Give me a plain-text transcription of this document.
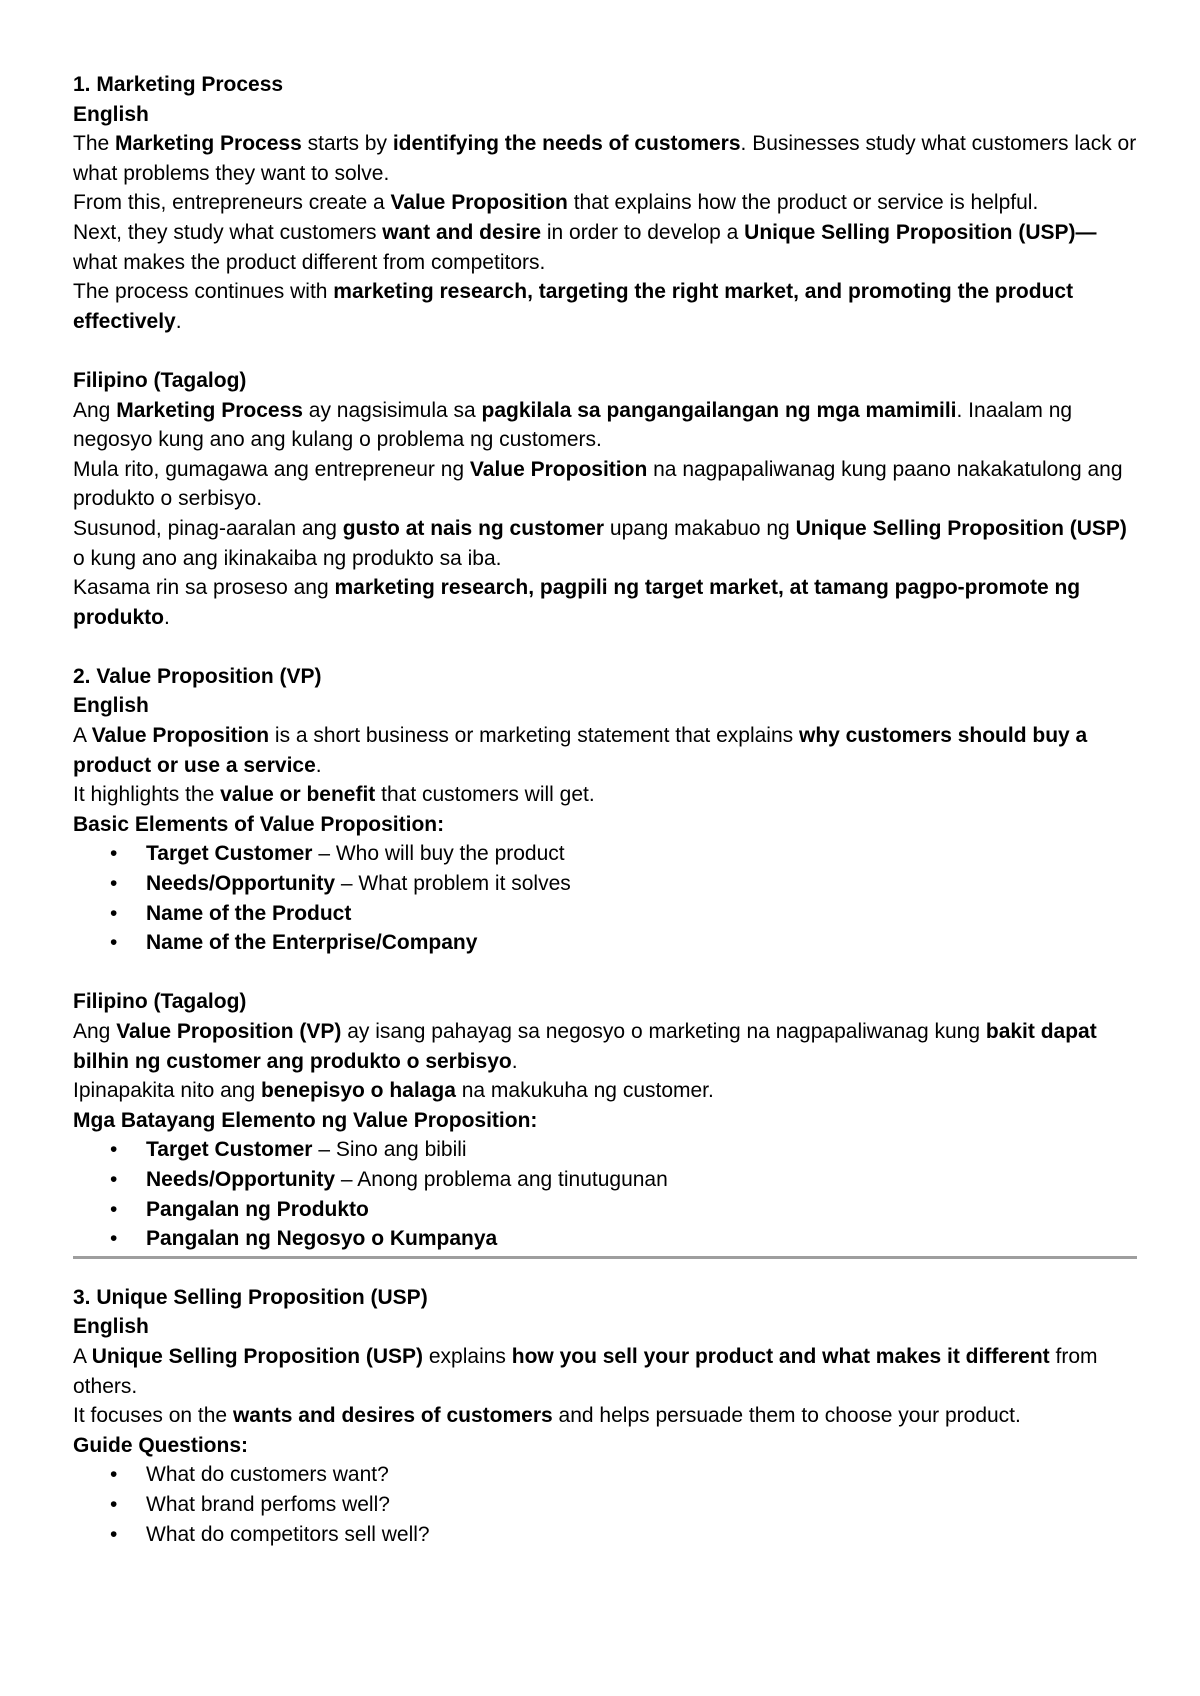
1. Marketing Process

English

The Marketing Process starts by identifying the needs of customers. Businesses study what customers lack or what problems they want to solve.

From this, entrepreneurs create a Value Proposition that explains how the product or service is helpful.

Next, they study what customers want and desire in order to develop a Unique Selling Proposition (USP)— what makes the product different from competitors.

The process continues with marketing research, targeting the right market, and promoting the product effectively.

Filipino (Tagalog)

Ang Marketing Process ay nagsisimula sa pagkilala sa pangangailangan ng mga mamimili. Inaalam ng negosyo kung ano ang kulang o problema ng customers.

Mula rito, gumagawa ang entrepreneur ng Value Proposition na nagpapaliwanag kung paano nakakatulong ang produkto o serbisyo.

Susunod, pinag-aaralan ang gusto at nais ng customer upang makabuo ng Unique Selling Proposition (USP) o kung ano ang ikinakaiba ng produkto sa iba.

Kasama rin sa proseso ang marketing research, pagpili ng target market, at tamang pagpo-promote ng produkto.

2. Value Proposition (VP)

English

A Value Proposition is a short business or marketing statement that explains why customers should buy a product or use a service.

It highlights the value or benefit that customers will get.

Basic Elements of Value Proposition:

• Target Customer – Who will buy the product
• Needs/Opportunity – What problem it solves
• Name of the Product
• Name of the Enterprise/Company

Filipino (Tagalog)

Ang Value Proposition (VP) ay isang pahayag sa negosyo o marketing na nagpapaliwanag kung bakit dapat bilhin ng customer ang produkto o serbisyo.

Ipinapakita nito ang benepisyo o halaga na makukuha ng customer.

Mga Batayang Elemento ng Value Proposition:

• Target Customer – Sino ang bibili
• Needs/Opportunity – Anong problema ang tinutugunan
• Pangalan ng Produkto
• Pangalan ng Negosyo o Kumpanya

3. Unique Selling Proposition (USP)

English

A Unique Selling Proposition (USP) explains how you sell your product and what makes it different from others.

It focuses on the wants and desires of customers and helps persuade them to choose your product.

Guide Questions:

• What do customers want?
• What brand perfoms well?
• What do competitors sell well?
